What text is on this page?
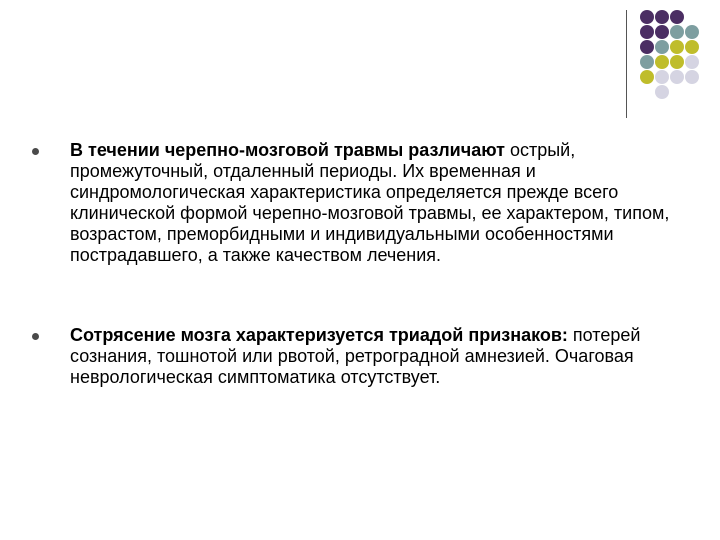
В течении черепно-мозговой травмы различают острый, промежуточный, отдаленный периоды. Их временная и синдромологическая характеристика определяется прежде всего клинической формой черепно-мозговой травмы, ее характером, типом, возрастом, преморбидными и индивидуальными особенностями пострадавшего, а также качеством лечения.
Сотрясение мозга характеризуется триадой признаков: потерей сознания, тошнотой или рвотой, ретроградной амнезией. Очаговая неврологическая симптоматика отсутствует.
